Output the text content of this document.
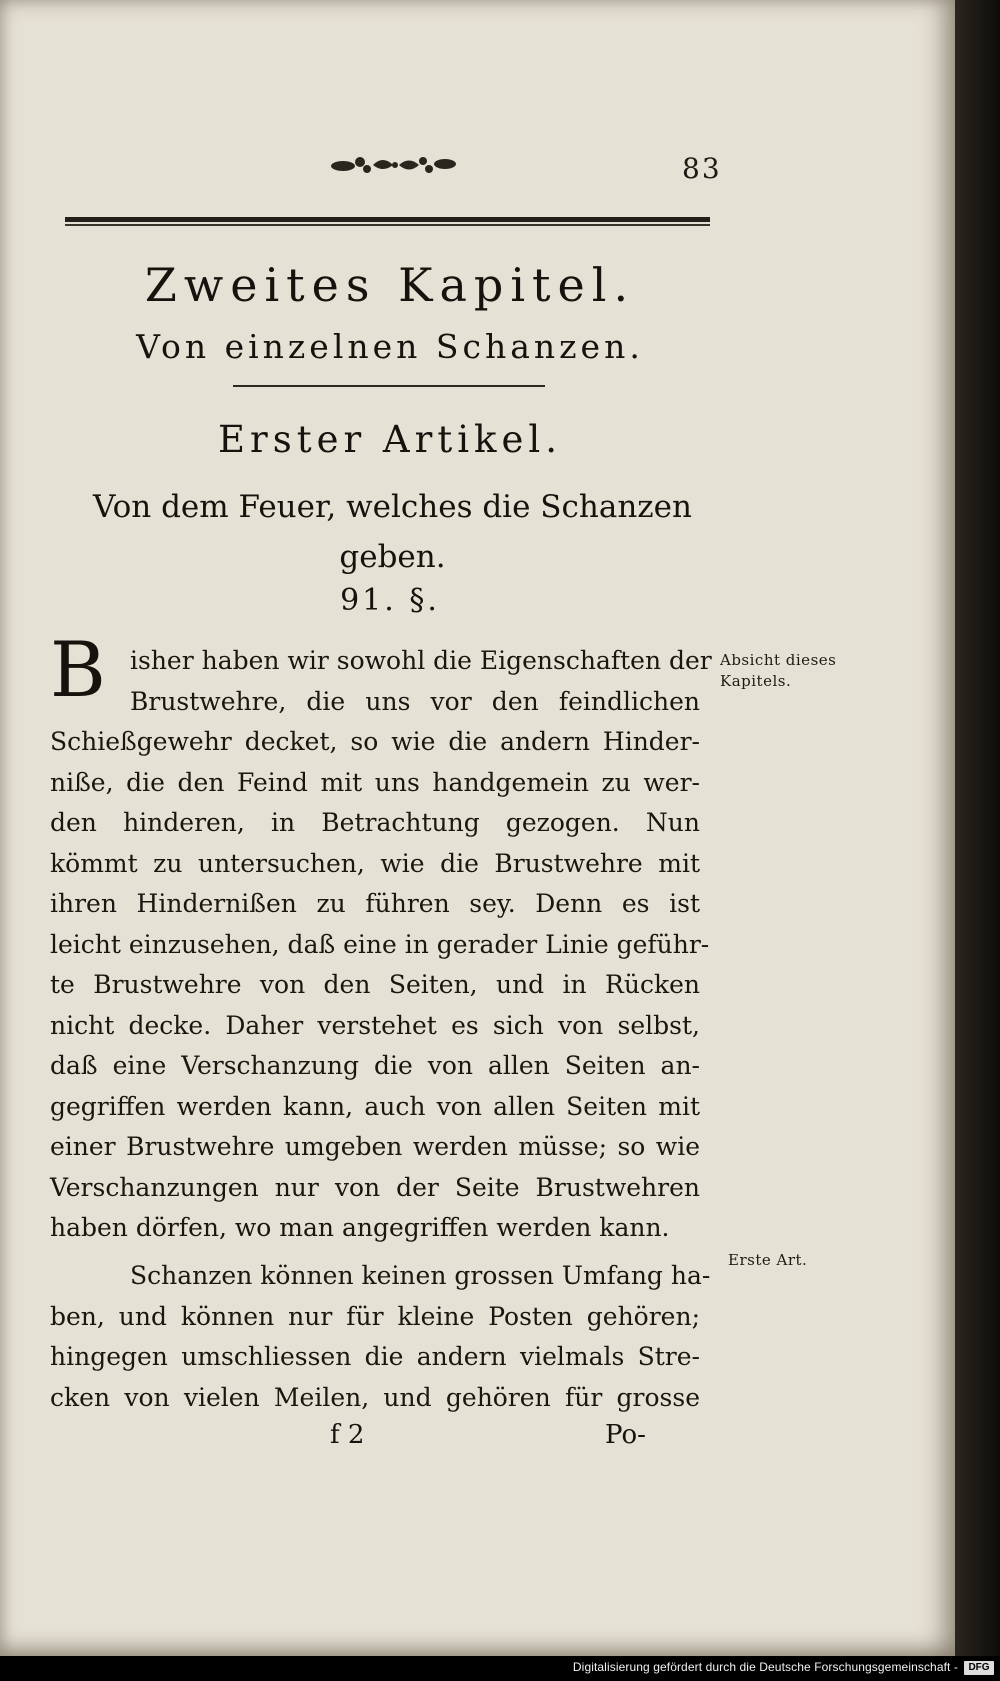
83
Zweites Kapitel.
Von einzelnen Schanzen.
Erster Artikel.
Von dem Feuer, welches die Schanzen
geben.
91. §.
B isher haben wir sowohl die Eigenschaften der
Brustwehre, die uns vor den feindlichen
Schießgewehr decket, so wie die andern Hinder-
niße, die den Feind mit uns handgemein zu wer-
den hinderen, in Betrachtung gezogen. Nun
kömmt zu untersuchen, wie die Brustwehre mit
ihren Hindernißen zu führen sey. Denn es ist
leicht einzusehen, daß eine in gerader Linie geführ-
te Brustwehre von den Seiten, und in Rücken
nicht decke. Daher verstehet es sich von selbst,
daß eine Verschanzung die von allen Seiten an-
gegriffen werden kann, auch von allen Seiten mit
einer Brustwehre umgeben werden müsse; so wie
Verschanzungen nur von der Seite Brustwehren
haben dörfen, wo man angegriffen werden kann.
Schanzen können keinen grossen Umfang ha-
ben, und können nur für kleine Posten gehören;
hingegen umschliessen die andern vielmals Stre-
cken von vielen Meilen, und gehören für grosse
Absicht dieses
Kapitels.
Erste Art.
f 2	Po-
Digitalisierung gefördert durch die Deutsche Forschungsgemeinschaft -	DFG
